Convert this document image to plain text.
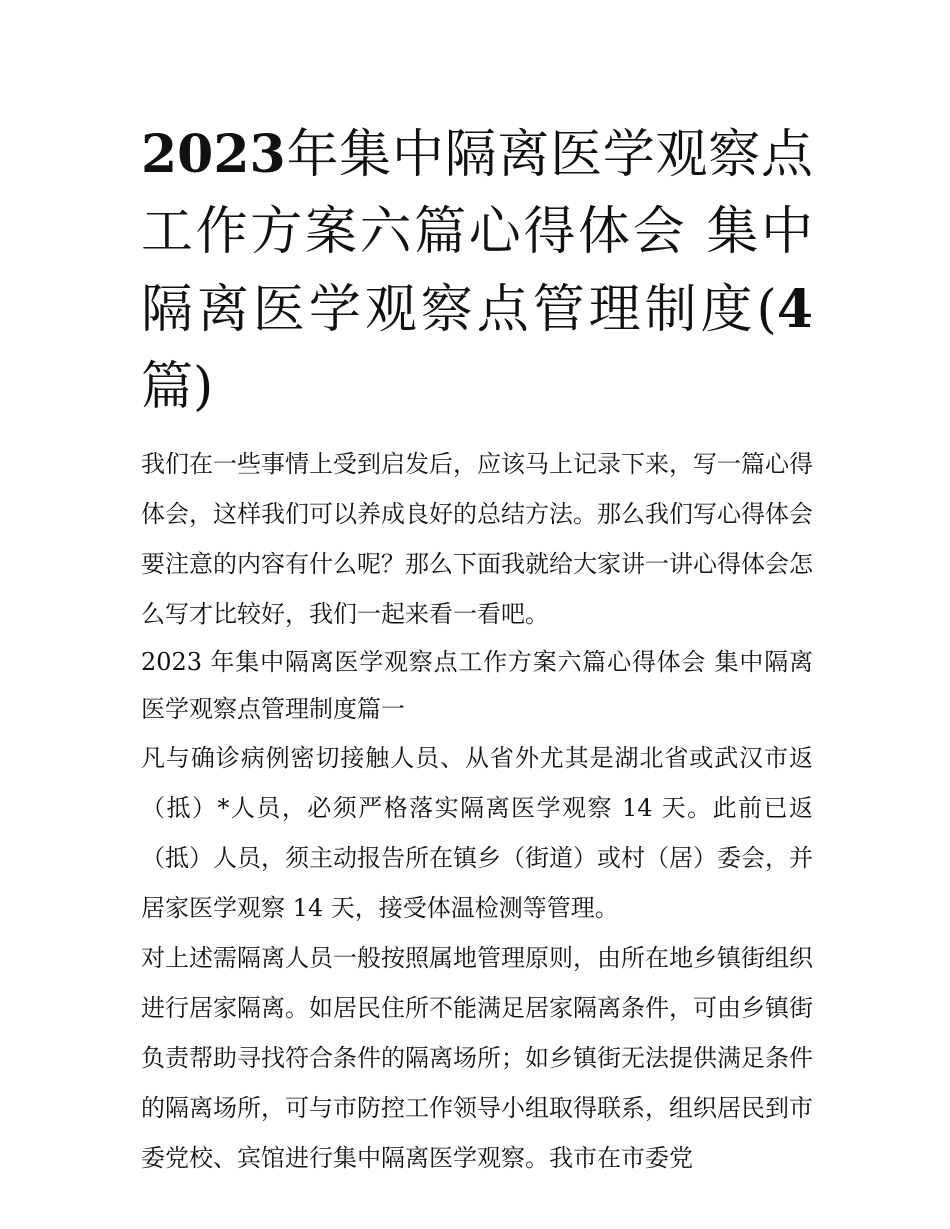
2023年集中隔离医学观察点工作方案六篇心得体会 集中隔离医学观察点管理制度(4 篇)

我们在一些事情上受到启发后，应该马上记录下来，写一篇心得体会，这样我们可以养成良好的总结方法。那么我们写心得体会要注意的内容有什么呢？那么下面我就给大家讲一讲心得体会怎么写才比较好，我们一起来看一看吧。

2023 年集中隔离医学观察点工作方案六篇心得体会 集中隔离医学观察点管理制度篇一

凡与确诊病例密切接触人员、从省外尤其是湖北省或武汉市返（抵）*人员，必须严格落实隔离医学观察 14 天。此前已返（抵）人员，须主动报告所在镇乡（街道）或村（居）委会，并居家医学观察 14 天，接受体温检测等管理。

对上述需隔离人员一般按照属地管理原则，由所在地乡镇街组织进行居家隔离。如居民住所不能满足居家隔离条件，可由乡镇街负责帮助寻找符合条件的隔离场所；如乡镇街无法提供满足条件的隔离场所，可与市防控工作领导小组取得联系，组织居民到市委党校、宾馆进行集中隔离医学观察。我市在市委党
